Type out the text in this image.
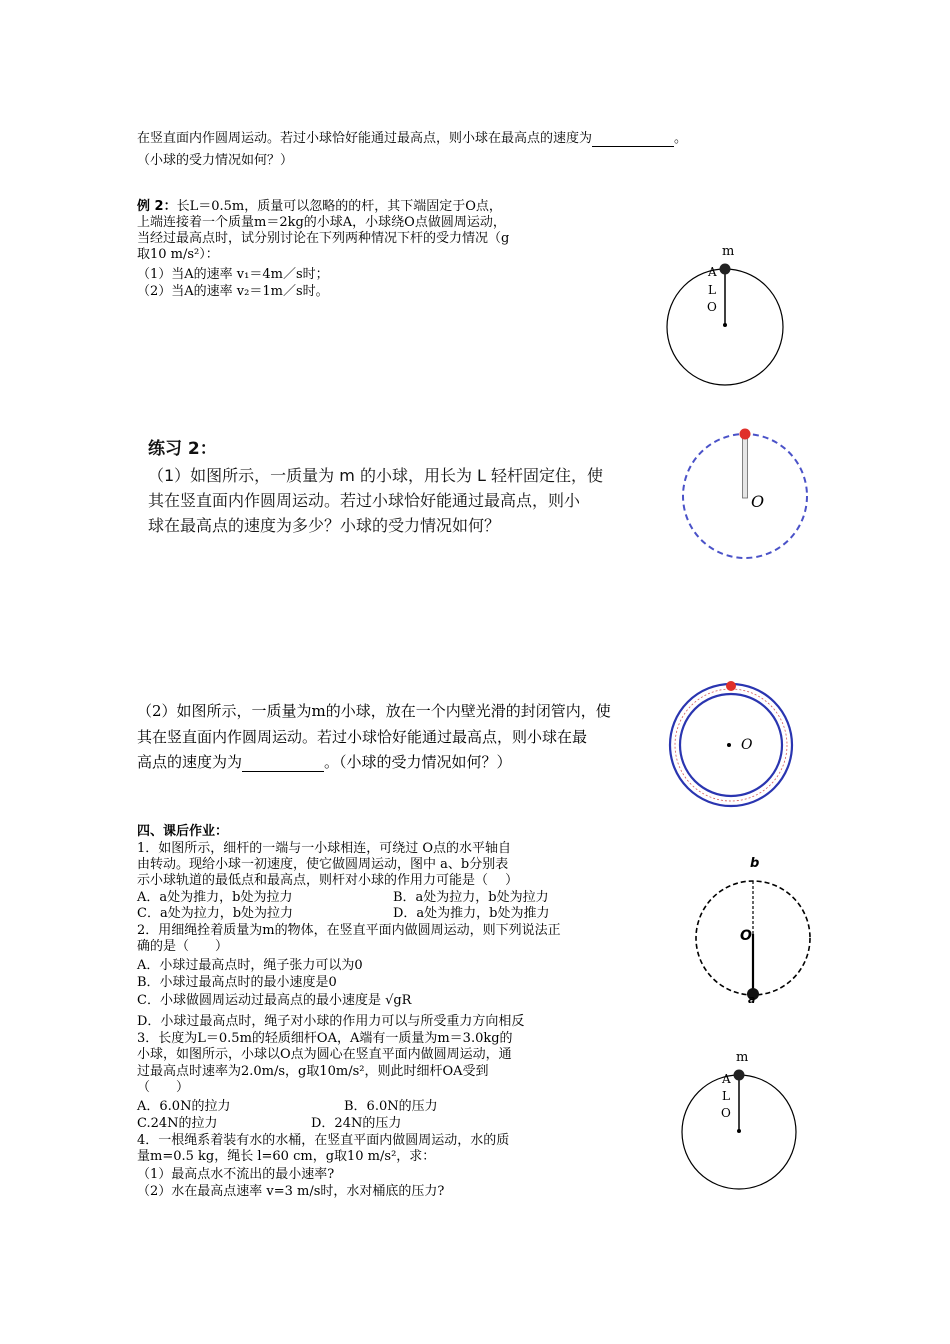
在竖直面内作圆周运动。若过小球恰好能通过最高点，则小球在最高点的速度为	。
（小球的受力情况如何？）
例 2：长L＝0.5m，质量可以忽略的的杆，其下端固定于O点，
上端连接着一个质量m＝2kg的小球A，小球绕O点做圆周运动，
当经过最高点时，试分别讨论在下列两种情况下杆的受力情况（g
取10 m/s²）：
（1）当A的速率 v₁＝4m／s时；
（2）当A的速率 v₂＝1m／s时。
m
A
L
O
练习 2：
（1）如图所示，一质量为 m 的小球，用长为 L 轻杆固定住，使
其在竖直面内作圆周运动。若过小球恰好能通过最高点，则小
球在最高点的速度为多少？小球的受力情况如何？
O
（2）如图所示，一质量为m的小球，放在一个内壁光滑的封闭管内，使
其在竖直面内作圆周运动。若过小球恰好能通过最高点，则小球在最
高点的速度为为	。（小球的受力情况如何？）
O
四、课后作业：
1．如图所示，细杆的一端与一小球相连，可绕过 O点的水平轴自
由转动。现给小球一初速度，使它做圆周运动，图中 a、b分别表
示小球轨道的最低点和最高点，则杆对小球的作用力可能是（　 ）
A．a处为推力，b处为拉力	B．a处为拉力，b处为拉力
C．a处为拉力，b处为拉力	D．a处为推力，b处为推力
2．用细绳拴着质量为m的物体，在竖直平面内做圆周运动，则下列说法正
确的是（　　）
A．小球过最高点时，绳子张力可以为0
B．小球过最高点时的最小速度是0
C．小球做圆周运动过最高点的最小速度是 √gR
D．小球过最高点时，绳子对小球的作用力可以与所受重力方向相反
3．长度为L＝0.5m的轻质细杆OA，A端有一质量为m＝3.0kg的
小球，如图所示，小球以O点为圆心在竖直平面内做圆周运动，通
过最高点时速率为2.0m/s，g取10m/s²，则此时细杆OA受到
（　　）
A．6.0N的拉力	B．6.0N的压力
C.24N的拉力	D．24N的压力
4．一根绳系着装有水的水桶，在竖直平面内做圆周运动，水的质
量m=0.5 kg，绳长 l=60 cm，g取10 m/s²，求：
（1）最高点水不流出的最小速率?
（2）水在最高点速率 v=3 m/s时，水对桶底的压力?
b
O
a
m
A
L
O
